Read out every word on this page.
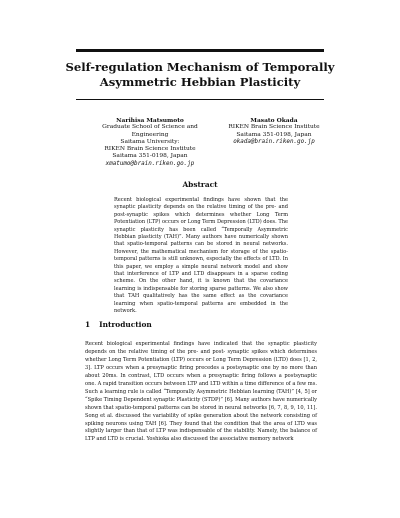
Self-regulation Mechanism of Temporally Asymmetric Hebbian Plasticity
Narihisa Matsumoto
Graduate School of Science and Engineering
Saitama University:
RIKEN Brain Science Institute
Saitama 351-0198, Japan
xmatumo@brain.riken.go.jp
Masato Okada
RIKEN Brain Science Institute
Saitama 351-0198, Japan
okada@brain.riken.go.jp
Abstract
Recent biological experimental findings have shown that the synaptic plasticity depends on the relative timing of the pre- and post-synaptic spikes which determines whether Long Term Potentiation (LTP) occurs or Long Term Depression (LTD) does. The synaptic plasticity has been called “Temporally Asymmetric Hebbian plasticity (TAH)”. Many authors have numerically shown that spatio-temporal patterns can be stored in neural networks. However, the mathematical mechanism for storage of the spatio-temporal patterns is still unknown, especially the effects of LTD. In this paper, we employ a simple neural network model and show that interference of LTP and LTD disappears in a sparse coding scheme. On the other hand, it is known that the covariance learning is indispensable for storing sparse patterns. We also show that TAH qualitatively has the same effect as the covariance learning when spatio-temporal patterns are embedded in the network.
1 Introduction

Recent biological experimental findings have indicated that the synaptic plasticity depends on the relative timing of the pre- and post- synaptic spikes which determines whether Long Term Potentiation (LTP) occurs or Long Term Depression (LTD) does [1, 2, 3]. LTP occurs when a presynaptic firing precedes a postsynaptic one by no more than about 20ms. In contrast, LTD occurs when a presynaptic firing follows a postsynaptic one. A rapid transition occurs between LTP and LTD within a time difference of a few ms. Such a learning rule is called “Temporally Asymmetric Hebbian learning (TAH)” [4, 5] or “Spike Timing Dependent synaptic Plasticity (STDP)” [6]. Many authors have numerically shown that spatio-temporal patterns can be stored in neural networks [6, 7, 8, 9, 10, 11]. Song et al. discussed the variability of spike generation about the network consisting of spiking neurons using TAH [6]. They found that the condition that the area of LTD was slightly larger than that of LTP was indispensable of the stability. Namely, the balance of LTP and LTD is crucial. Yoshioka also discussed the associative memory network
